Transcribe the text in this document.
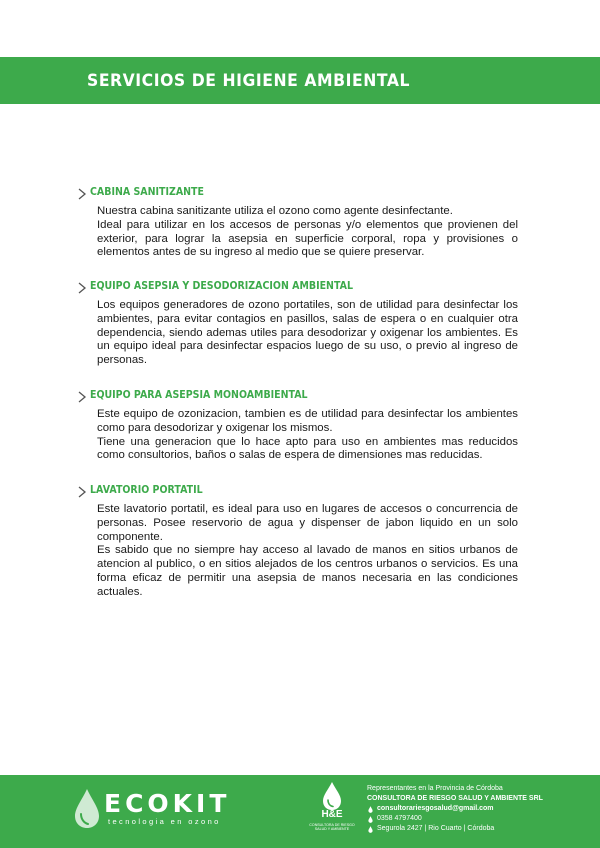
SERVICIOS DE HIGIENE AMBIENTAL
CABINA SANITIZANTE

Nuestra cabina sanitizante utiliza el ozono como agente desinfectante.

Ideal para utilizar en los accesos de personas y/o elementos que provienen del exterior, para lograr la asepsia en superficie corporal, ropa y provisiones o elementos antes de su ingreso al medio que se quiere preservar.

EQUIPO ASEPSIA Y DESODORIZACION AMBIENTAL

Los equipos generadores de ozono portatiles, son de utilidad para desinfectar los ambientes, para evitar contagios en pasillos, salas de espera o en cualquier otra dependencia, siendo ademas utiles para desodorizar y oxigenar los ambientes. Es un equipo ideal para desinfectar espacios luego de su uso, o previo al ingreso de personas.

EQUIPO PARA ASEPSIA MONOAMBIENTAL

Este equipo de ozonizacion, tambien es de utilidad para desinfectar los ambientes como para desodorizar y oxigenar los mismos.

Tiene una generacion que lo hace apto para uso en ambientes mas reducidos como consultorios, baños o salas de espera de dimensiones mas reducidas.

LAVATORIO PORTATIL

Este lavatorio portatil, es ideal para uso en lugares de accesos o concurrencia de personas. Posee reservorio de agua y dispenser de jabon liquido en un solo componente.

Es sabido que no siempre hay acceso al lavado de manos en sitios urbanos de atencion al publico, o en sitios alejados de los centros urbanos o servicios. Es una forma eficaz de permitir una asepsia de manos necesaria en las condiciones actuales.

ECOKIT
tecnologia en ozono
H&E
CONSULTORA DE RIESGO SALUD Y AMBIENTE
Representantes en la Provincia de Córdoba
CONSULTORA DE RIESGO SALUD Y AMBIENTE SRL
consultorariesgosalud@gmail.com
0358 4797400
Segurola 2427 | Rio Cuarto | Córdoba
